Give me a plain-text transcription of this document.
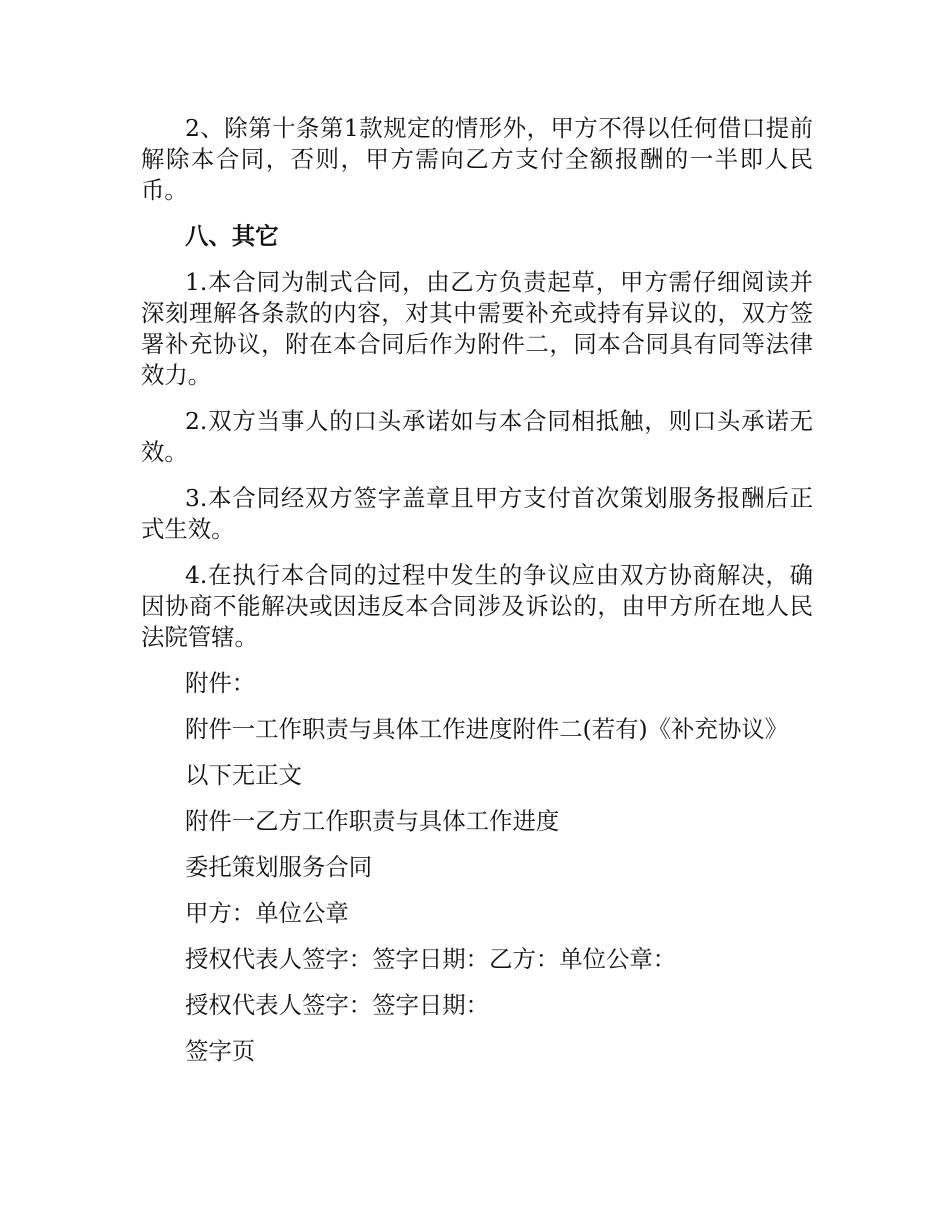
2、除第十条第1款规定的情形外，甲方不得以任何借口提前解除本合同，否则，甲方需向乙方支付全额报酬的一半即人民币。

八、其它

1.本合同为制式合同，由乙方负责起草，甲方需仔细阅读并深刻理解各条款的内容，对其中需要补充或持有异议的，双方签署补充协议，附在本合同后作为附件二，同本合同具有同等法律效力。

2.双方当事人的口头承诺如与本合同相抵触，则口头承诺无效。

3.本合同经双方签字盖章且甲方支付首次策划服务报酬后正式生效。

4.在执行本合同的过程中发生的争议应由双方协商解决，确因协商不能解决或因违反本合同涉及诉讼的，由甲方所在地人民法院管辖。

附件：

附件一工作职责与具体工作进度附件二(若有)《补充协议》

以下无正文

附件一乙方工作职责与具体工作进度

委托策划服务合同

甲方：单位公章

授权代表人签字：签字日期：乙方：单位公章：

授权代表人签字：签字日期：

签字页
